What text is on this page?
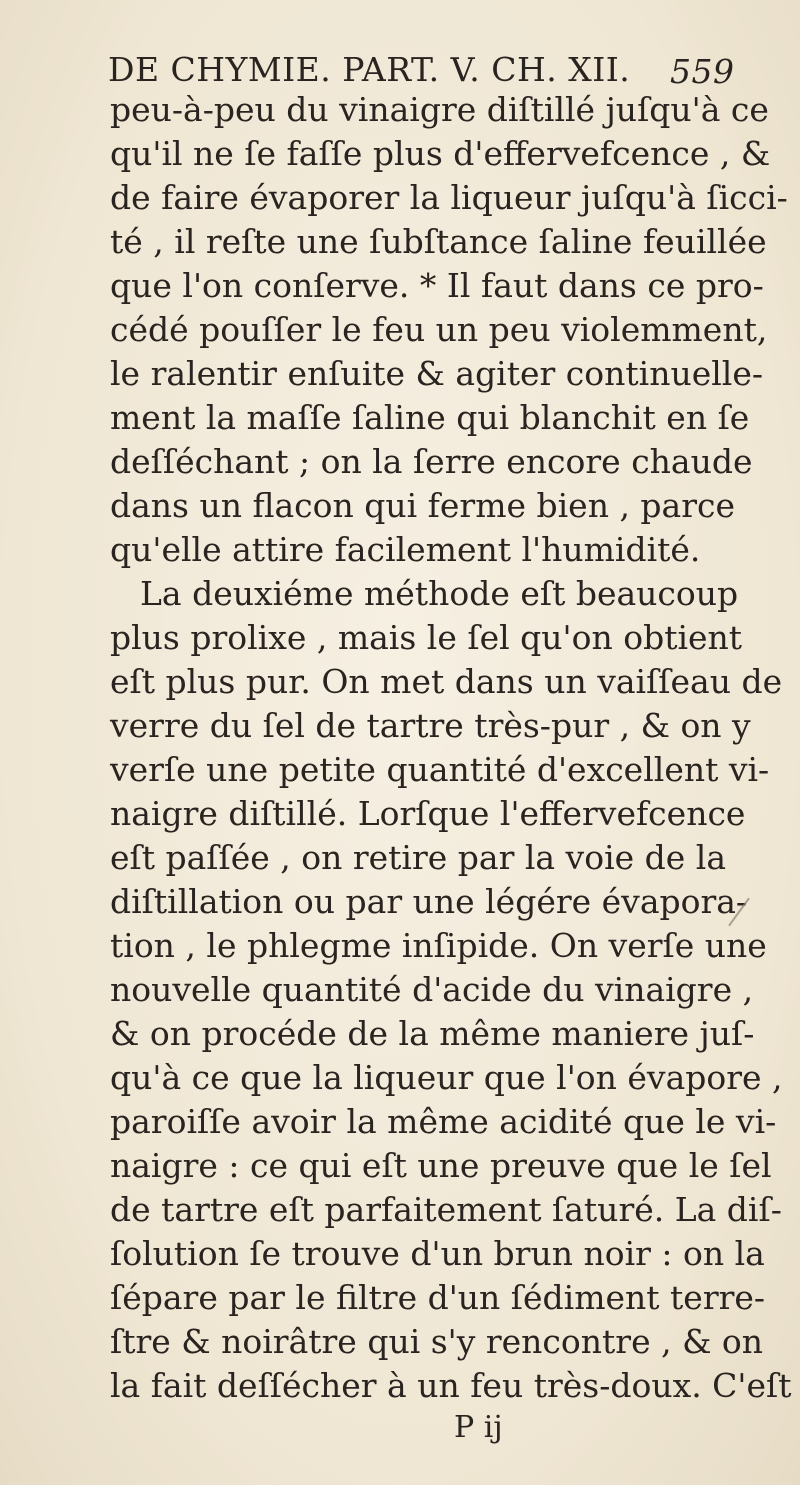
DE CHYMIE. PART. V. CH. XII. 559
peu-à-peu du vinaigre diſtillé juſqu'à ce
qu'il ne ſe faſſe plus d'effervefcence , &
de faire évaporer la liqueur juſqu'à ſicci-
té , il reſte une ſubſtance ſaline feuillée
que l'on conſerve. * Il faut dans ce pro-
cédé pouſſer le feu un peu violemment,
le ralentir enſuite & agiter continuelle-
ment la maſſe ſaline qui blanchit en ſe
deſſéchant ; on la ſerre encore chaude
dans un flacon qui ferme bien , parce
qu'elle attire facilement l'humidité.
La deuxiéme méthode eſt beaucoup
plus prolixe , mais le ſel qu'on obtient
eſt plus pur. On met dans un vaiſſeau de
verre du ſel de tartre très-pur , & on y
verſe une petite quantité d'excellent vi-
naigre diſtillé. Lorſque l'effervefcence
eſt paſſée , on retire par la voie de la
diſtillation ou par une légére évapora-
tion , le phlegme inſipide. On verſe une
nouvelle quantité d'acide du vinaigre ,
& on procéde de la même maniere juſ-
qu'à ce que la liqueur que l'on évapore ,
paroiſſe avoir la même acidité que le vi-
naigre : ce qui eſt une preuve que le ſel
de tartre eſt parfaitement ſaturé. La diſ-
ſolution ſe trouve d'un brun noir : on la
ſépare par le filtre d'un ſédiment terre-
ſtre & noirâtre qui s'y rencontre , & on
la fait deſſécher à un feu très-doux. C'eſt
P ij
